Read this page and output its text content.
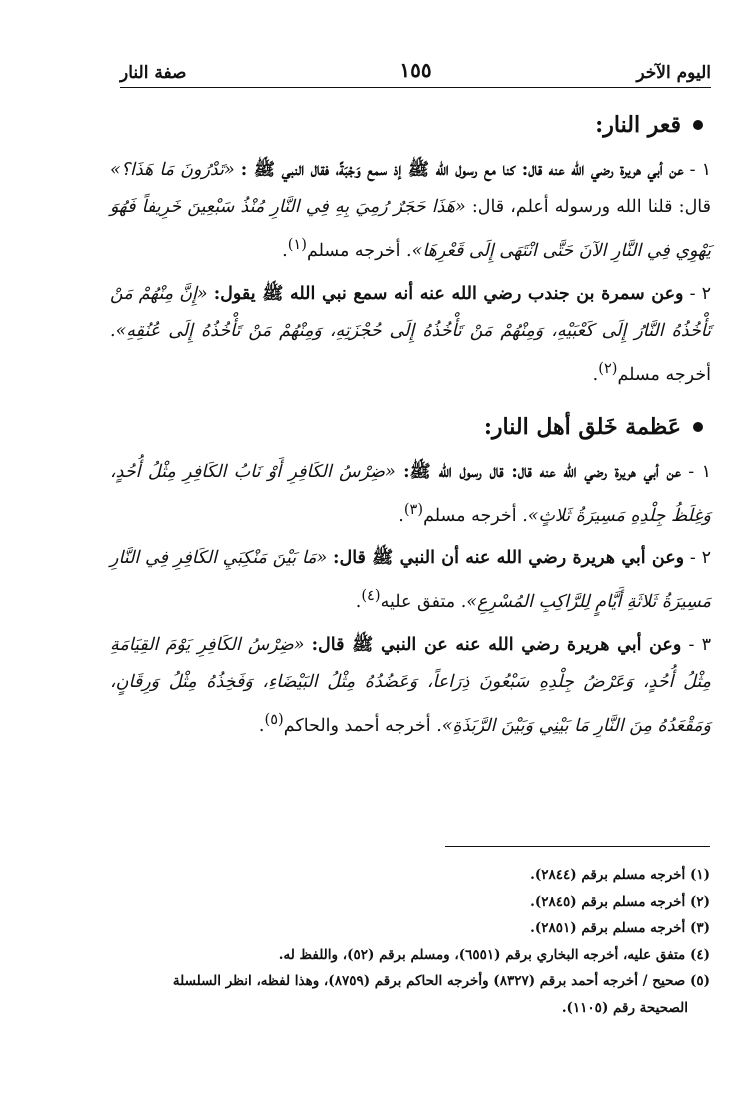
اليوم الآخر
١٥٥
صفة النار
قعر النار:

١ - عن أبي هريرة رضي الله عنه قال: كنا مع رسول الله ﷺ إذ سمع وَجْبَةً، فقال النبي ﷺ : «تَدْرُونَ مَا هَذَا؟» قال: قلنا الله ورسوله أعلم، قال: «هَذَا حَجَرٌ رُمِيَ بِهِ فِي النَّارِ مُنْذُ سَبْعِينَ خَرِيفاً فَهُوَ يَهْوِي فِي النَّارِ الآنَ حَتَّى انْتَهَى إِلَى قَعْرِهَا». أخرجه مسلم$^{(١)}$.

٢ - وعن سمرة بن جندب رضي الله عنه أنه سمع نبي الله ﷺ يقول: «إِنَّ مِنْهُمْ مَنْ تَأْخُذُهُ النَّارُ إِلَى كَعْبَيْهِ، وَمِنْهُمْ مَنْ تَأْخُذُهُ إِلَى حُجْزَتِهِ، وَمِنْهُمْ مَنْ تَأْخُذُهُ إِلَى عُنُقِهِ». أخرجه مسلم$^{(٢)}$.

عَظمة خَلق أهل النار:

١ - عن أبي هريرة رضي الله عنه قال: قال رسول الله ﷺ: «ضِرْسُ الكَافِرِ أَوْ نَابُ الكَافِرِ مِثْلُ أُحُدٍ، وَغِلَظُ جِلْدِهِ مَسِيرَةُ ثَلاثٍ». أخرجه مسلم$^{(٣)}$.

٢ - وعن أبي هريرة رضي الله عنه أن النبي ﷺ قال: «مَا بَيْنَ مَنْكِبَيِ الكَافِرِ فِي النَّارِ مَسِيرَةُ ثَلاثَةِ أَيَّامٍ لِلرَّاكِبِ المُسْرِعِ». متفق عليه$^{(٤)}$.

٣ - وعن أبي هريرة رضي الله عنه عن النبي ﷺ قال: «ضِرْسُ الكَافِرِ يَوْمَ القِيَامَةِ مِثْلُ أُحُدٍ، وَعَرْضُ جِلْدِهِ سَبْعُونَ ذِرَاعاً، وَعَضُدُهُ مِثْلُ البَيْضَاءِ، وَفَخِذُهُ مِثْلُ وَرِقَانٍ، وَمَقْعَدُهُ مِنَ النَّارِ مَا بَيْنِي وَبَيْنَ الرَّبَذَةِ». أخرجه أحمد والحاكم$^{(٥)}$.

(١) أخرجه مسلم برقم (٢٨٤٤).
(٢) أخرجه مسلم برقم (٢٨٤٥).
(٣) أخرجه مسلم برقم (٢٨٥١).
(٤) متفق عليه، أخرجه البخاري برقم (٦٥٥١)، ومسلم برقم (٥٢)، واللفظ له.
(٥) صحيح / أخرجه أحمد برقم (٨٣٢٧) وأخرجه الحاكم برقم (٨٧٥٩)، وهذا لفظه، انظر السلسلة
الصحيحة رقم (١١٠٥).
